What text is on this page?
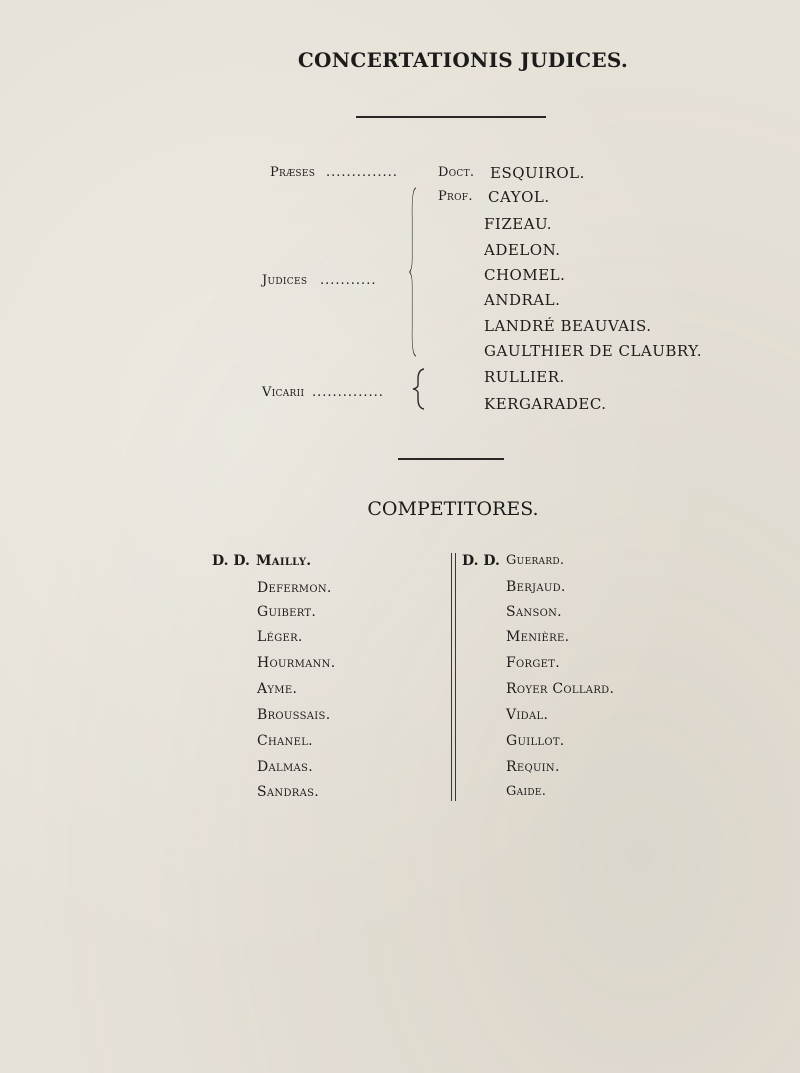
CONCERTATIONIS JUDICES.
Præses ..............	Doct. ESQUIROL.
Prof.
Judices ...........
CAYOL.
FIZEAU.
ADELON.
CHOMEL.
ANDRAL.
LANDRÉ BEAUVAIS.
GAULTHIER DE CLAUBRY.
Vicarii ..............
RULLIER.
KERGARADEC.
COMPETITORES.
D. D. Mailly.
Defermon.
Guibert.
Léger.
Hourmann.
Ayme.
Broussais.
Chanel.
Dalmas.
Sandras.
D. D. Guerard.
Berjaud.
Sanson.
Menière.
Forget.
Royer Collard.
Vidal.
Guillot.
Requin.
Gaide.
